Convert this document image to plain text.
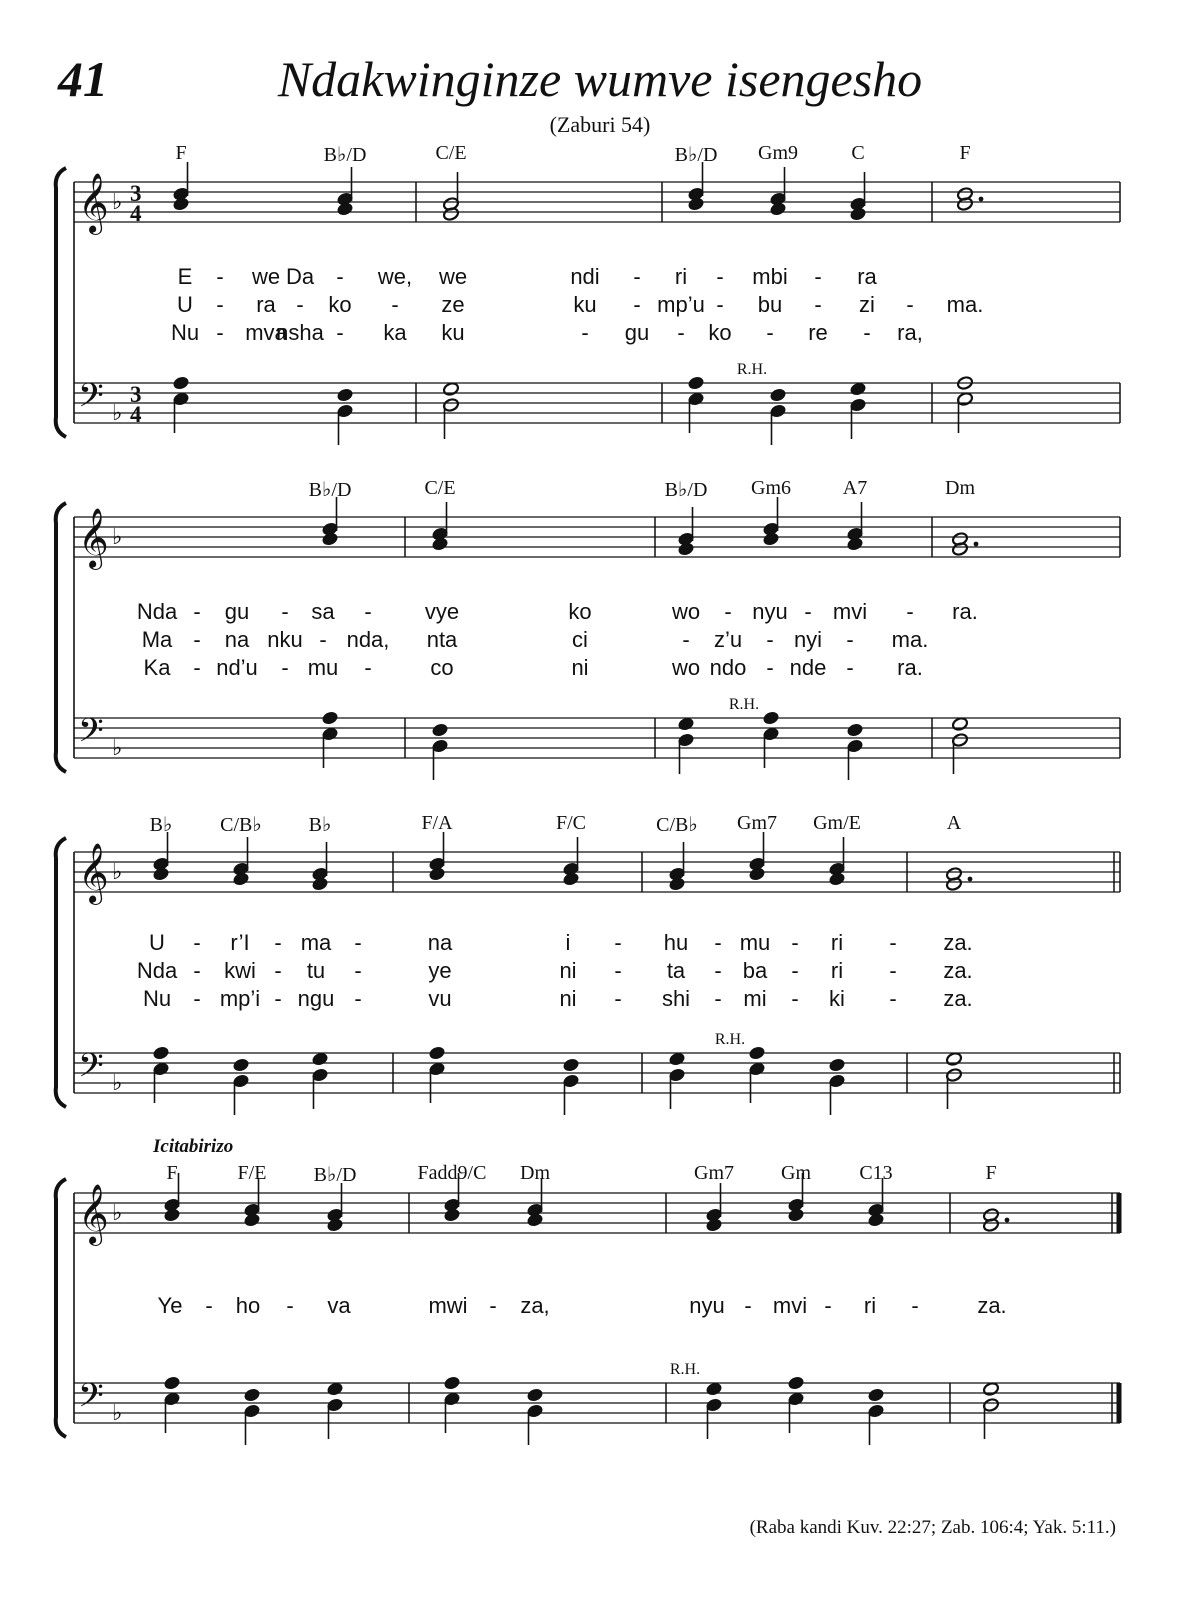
41	Ndakwinginze wumve isengesho
(Zaburi 54)
Icitabirizo
(Raba kandi Kuv. 22:27; Zab. 106:4; Yak. 5:11.)
F	B♭/D	C/E	B♭/D Gm9	C	F
E - we Da - we, we	ndi - ri - mbi - ra
U - ra - ko - ze	ku - mp’u - bu - zi - ma.
Nu - mva
nsha - ka ku	- gu - ko - re - ra,
R.H.
B♭/D	C/E	B♭/D Gm6	A7	Dm
Nda - gu - sa - vye	ko	wo - nyu - mvi - ra.
Ma - na nku - nda, nta	ci	- z’u - nyi - ma.
Ka - nd’u - mu -	co	ni	wo ndo - nde - ra.
R.H.
B♭ C/B♭ B♭	F/A	F/C	C/B♭ Gm7 Gm/E	A
U - r’I - ma -	na	i - hu - mu - ri - za.
Nda - kwi - tu -	ye	ni - ta - ba - ri - za.
Nu - mp’i - ngu -	vu	ni - shi - mi - ki - za.
R.H.
F	F/E B♭/D	Fadd9/C Dm	Gm7 Gm C13	F
Ye - ho - va	mwi - za,	nyu - mvi - ri -	za.
R.H.
𝄞
𝄢
♭
♭
3
4
3
4
𝄞
𝄢
♭
♭
𝄞
𝄢
♭
♭
𝄞
𝄢
♭
♭
